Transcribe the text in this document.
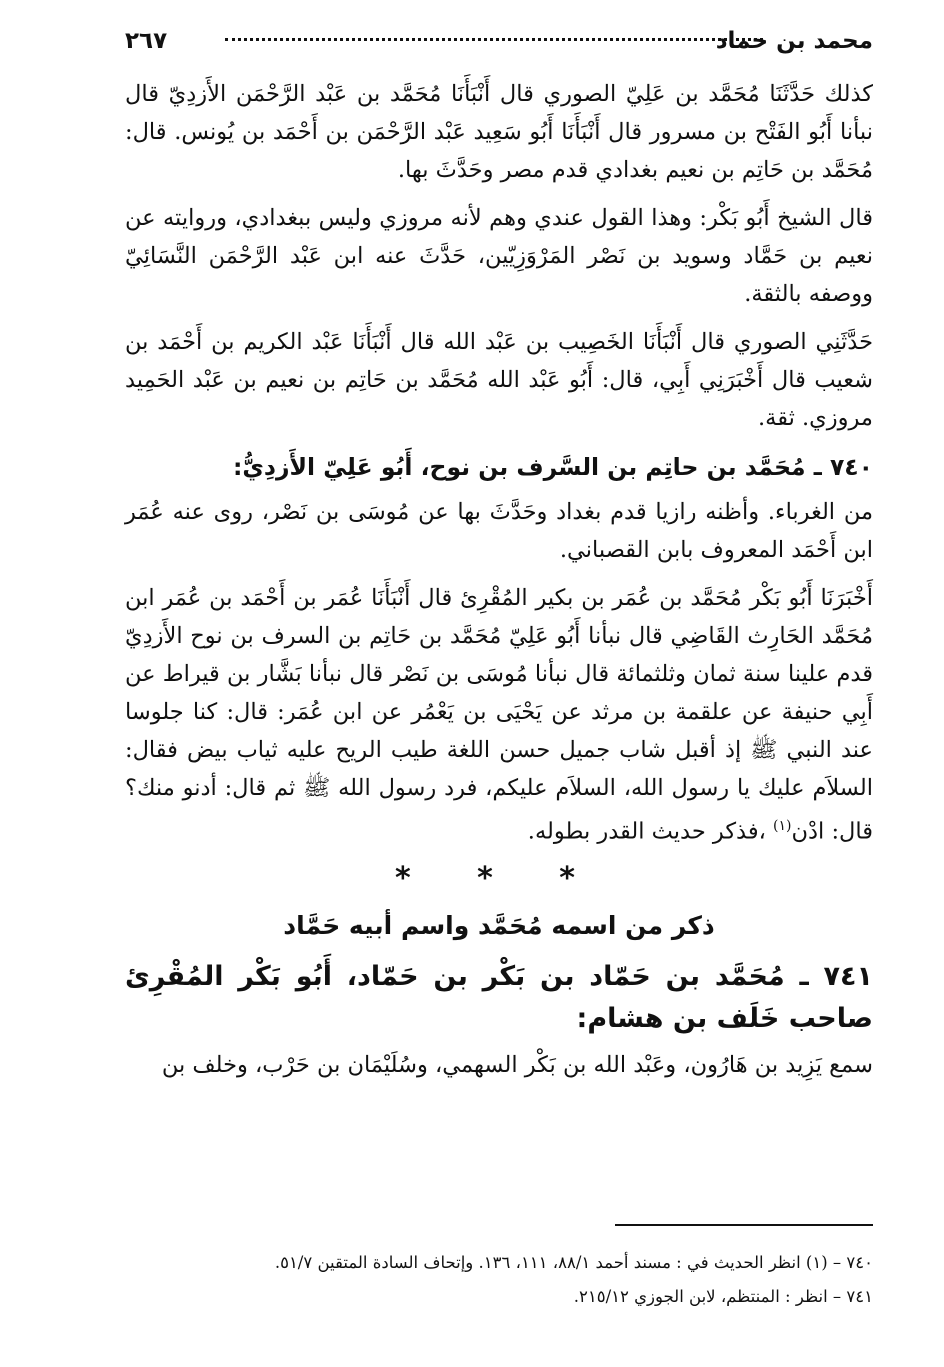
محمد بن حماد
٢٦٧

كذلك حَدَّثَنَا مُحَمَّد بن عَلِيّ الصوري قال أَنْبَأَنَا مُحَمَّد بن عَبْد الرَّحْمَن الأَزدِيّ قال نبأنا أَبُو الفَتْح بن مسرور قال أَنْبَأَنَا أَبُو سَعِيد عَبْد الرَّحْمَن بن أَحْمَد بن يُونس. قال: مُحَمَّد بن حَاتِم بن نعيم بغدادي قدم مصر وحَدَّثَ بها.

قال الشيخ أَبُو بَكْر: وهذا القول عندي وهم لأنه مروزي وليس ببغدادي، وروايته عن نعيم بن حَمَّاد وسويد بن نَصْر المَرْوَزِيّين، حَدَّثَ عنه ابن عَبْد الرَّحْمَن النَّسَائِيّ ووصفه بالثقة.

حَدَّثَنِي الصوري قال أَنْبَأَنَا الخَصِيب بن عَبْد الله قال أَنْبَأَنَا عَبْد الكريم بن أَحْمَد بن شعيب قال أَخْبَرَنِي أَبِي، قال: أَبُو عَبْد الله مُحَمَّد بن حَاتِم بن نعيم بن عَبْد الحَمِيد مروزي. ثقة.

٧٤٠ ـ مُحَمَّد بن حاتِم بن السَّرف بن نوح، أَبُو عَلِيّ الأَزدِيُّ:

من الغرباء. وأظنه رازيا قدم بغداد وحَدَّثَ بها عن مُوسَى بن نَصْر، روى عنه عُمَر ابن أَحْمَد المعروف بابن القصباني.

أَخْبَرَنَا أَبُو بَكْر مُحَمَّد بن عُمَر بن بكير المُقْرِئ قال أَنْبَأَنَا عُمَر بن أَحْمَد بن عُمَر ابن مُحَمَّد الحَارِث القَاضِي قال نبأنا أَبُو عَلِيّ مُحَمَّد بن حَاتِم بن السرف بن نوح الأَزدِيّ قدم علينا سنة ثمان وثلثمائة قال نبأنا مُوسَى بن نَصْر قال نبأنا بَشَّار بن قيراط عن أَبِي حنيفة عن علقمة بن مرثد عن يَحْيَى بن يَعْمُر عن ابن عُمَر: قال: كنا جلوسا عند النبي ﷺ إذ أقبل شاب جميل حسن اللغة طيب الريح عليه ثياب بيض فقال: السلاَم عليك يا رسول الله، السلاَم عليكم، فرد رسول الله ﷺ ثم قال: أدنو منك؟ قال: ادْن$^{(١)}$ ،فذكر حديث القدر بطوله.

* * *
ذكر من اسمه مُحَمَّد واسم أبيه حَمَّاد
٧٤١ ـ مُحَمَّد بن حَمّاد بن بَكْر بن حَمّاد، أَبُو بَكْر المُقْرِئ صاحب خَلَف بن هشام:

سمع يَزِيد بن هَارُون، وعَبْد الله بن بَكْر السهمي، وسُلَيْمَان بن حَرْب، وخلف بن

٧٤٠ – (١) انظر الحديث في : مسند أحمد ٨٨/١، ١١١، ١٣٦. وإتحاف السادة المتقين ٥١/٧.

٧٤١ – انظر : المنتظم، لابن الجوزي ٢١٥/١٢.
